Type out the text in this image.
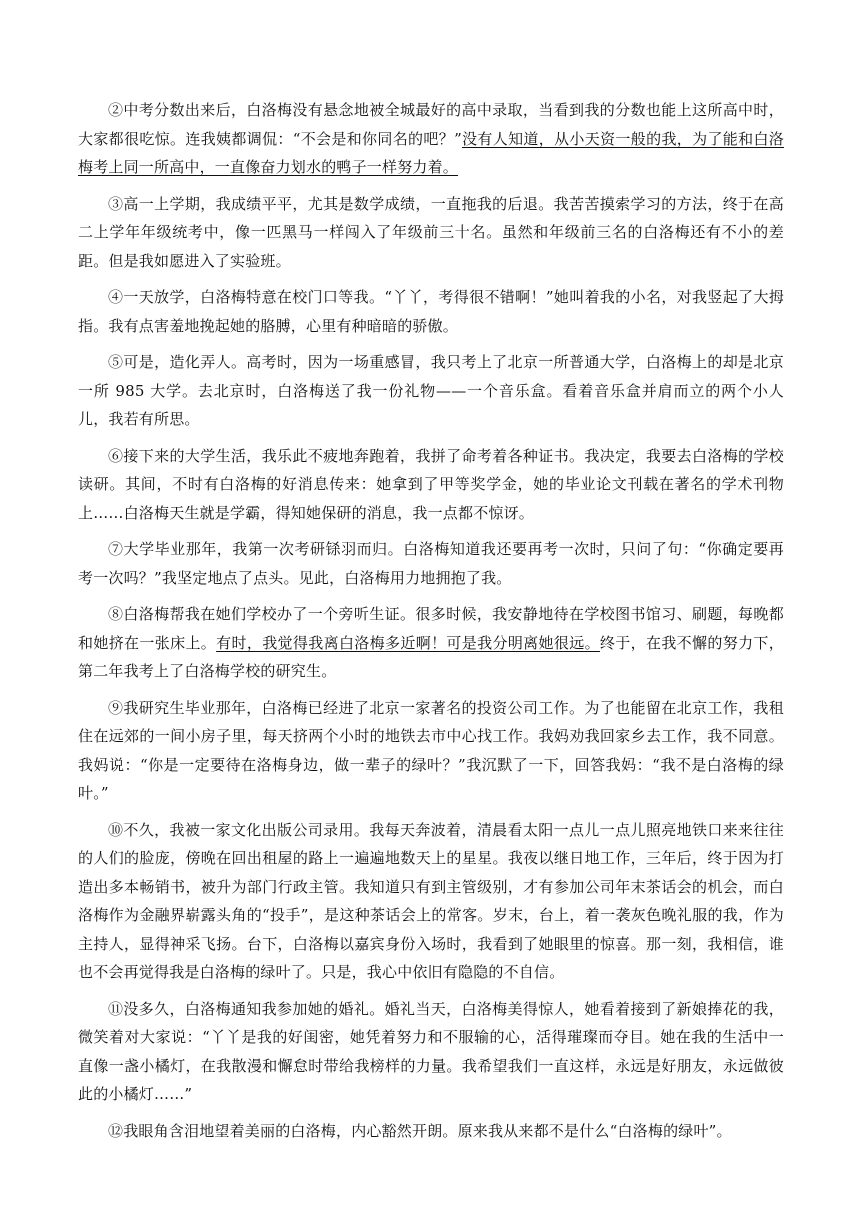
②中考分数出来后，白洛梅没有悬念地被全城最好的高中录取，当看到我的分数也能上这所高中时，大家都很吃惊。连我姨都调侃：“不会是和你同名的吧？”没有人知道，从小天资一般的我，为了能和白洛梅考上同一所高中，一直像奋力划水的鸭子一样努力着。

③高一上学期，我成绩平平，尤其是数学成绩，一直拖我的后退。我苦苦摸索学习的方法，终于在高二上学年年级统考中，像一匹黑马一样闯入了年级前三十名。虽然和年级前三名的白洛梅还有不小的差距。但是我如愿进入了实验班。

④一天放学，白洛梅特意在校门口等我。“丫丫，考得很不错啊！”她叫着我的小名，对我竖起了大拇指。我有点害羞地挽起她的胳膊，心里有种暗暗的骄傲。

⑤可是，造化弄人。高考时，因为一场重感冒，我只考上了北京一所普通大学，白洛梅上的却是北京一所 985 大学。去北京时，白洛梅送了我一份礼物——一个音乐盒。看着音乐盒并肩而立的两个小人儿，我若有所思。

⑥接下来的大学生活，我乐此不疲地奔跑着，我拼了命考着各种证书。我决定，我要去白洛梅的学校读研。其间，不时有白洛梅的好消息传来：她拿到了甲等奖学金，她的毕业论文刊载在著名的学术刊物上……白洛梅天生就是学霸，得知她保研的消息，我一点都不惊讶。

⑦大学毕业那年，我第一次考研铩羽而归。白洛梅知道我还要再考一次时，只问了句：“你确定要再考一次吗？”我坚定地点了点头。见此，白洛梅用力地拥抱了我。

⑧白洛梅帮我在她们学校办了一个旁听生证。很多时候，我安静地待在学校图书馆习、刷题，每晚都和她挤在一张床上。有时，我觉得我离白洛梅多近啊！可是我分明离她很远。终于，在我不懈的努力下，第二年我考上了白洛梅学校的研究生。

⑨我研究生毕业那年，白洛梅已经进了北京一家著名的投资公司工作。为了也能留在北京工作，我租住在远郊的一间小房子里，每天挤两个小时的地铁去市中心找工作。我妈劝我回家乡去工作，我不同意。我妈说：“你是一定要待在洛梅身边，做一辈子的绿叶？”我沉默了一下，回答我妈：“我不是白洛梅的绿叶。”

⑩不久，我被一家文化出版公司录用。我每天奔波着，清晨看太阳一点儿一点儿照亮地铁口来来往往的人们的脸庞，傍晚在回出租屋的路上一遍遍地数天上的星星。我夜以继日地工作，三年后，终于因为打造出多本畅销书，被升为部门行政主管。我知道只有到主管级别，才有参加公司年末茶话会的机会，而白洛梅作为金融界崭露头角的“投手”，是这种茶话会上的常客。岁末，台上，着一袭灰色晚礼服的我，作为主持人，显得神采飞扬。台下，白洛梅以嘉宾身份入场时，我看到了她眼里的惊喜。那一刻，我相信，谁也不会再觉得我是白洛梅的绿叶了。只是，我心中依旧有隐隐的不自信。

⑪没多久，白洛梅通知我参加她的婚礼。婚礼当天，白洛梅美得惊人，她看着接到了新娘捧花的我，微笑着对大家说：“丫丫是我的好闺密，她凭着努力和不服输的心，活得璀璨而夺目。她在我的生活中一直像一盏小橘灯，在我散漫和懈怠时带给我榜样的力量。我希望我们一直这样，永远是好朋友，永远做彼此的小橘灯……”

⑫我眼角含泪地望着美丽的白洛梅，内心豁然开朗。原来我从来都不是什么“白洛梅的绿叶”。
